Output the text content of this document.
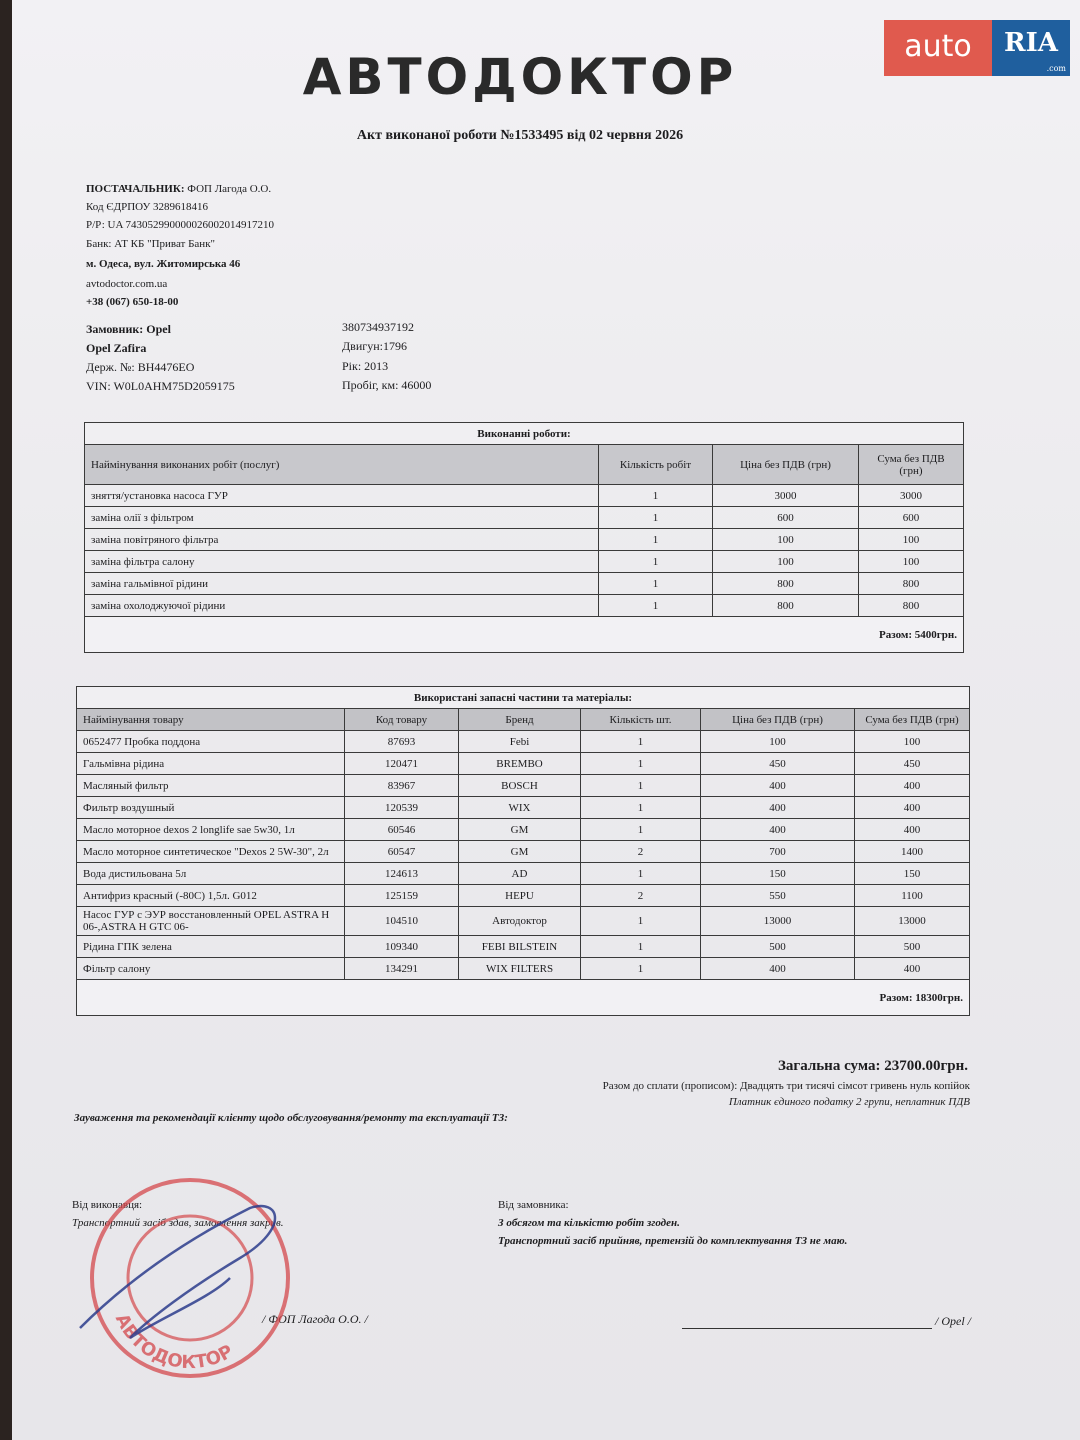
auto	RIA
.com
АВТОДОКТОР
Акт виконаної роботи №1533495 від 02 червня 2026
ПОСТАЧАЛЬНИК: ФОП Лагода О.О.
Код ЄДРПОУ 3289618416
Р/Р: UA 743052990000026002014917210
Банк: АТ КБ "Приват Банк"
м. Одеса, вул. Житомирська 46
avtodoctor.com.ua
+38 (067) 650-18-00
Замовник: Opel
Opel Zafira
Держ. №: ВН4476ЕО
VIN: W0L0AHM75D2059175
380734937192
Двигун:1796
Рік: 2013
Пробіг, км: 46000
Виконанні роботи:			
Наймінування виконаних робіт (послуг)	Кількість робіт	Ціна без ПДВ (грн)	Сума без ПДВ (грн)
зняття/установка насоса ГУР	1	3000	3000
заміна олії з фільтром	1	600	600
заміна повітряного фільтра	1	100	100
заміна фільтра салону	1	100	100
заміна гальмівної рідини	1	800	800
заміна охолоджуючої рідини	1	800	800
Разом: 5400грн.			
Використані запасні частини та матеріалы:					
Наймінування товару	Код товару	Бренд	Кількість шт.	Ціна без ПДВ (грн)	Сума без ПДВ (грн)
0652477 Пробка поддона	87693	Febi	1	100	100
Гальмівна рідина	120471	BREMBO	1	450	450
Масляный фильтр	83967	BOSCH	1	400	400
Фильтр воздушный	120539	WIX	1	400	400
Масло моторное dexos 2 longlife sae 5w30, 1л	60546	GM	1	400	400
Масло моторное синтетическое "Dexos 2 5W-30", 2л	60547	GM	2	700	1400
Вода дистильована 5л	124613	AD	1	150	150
Антифриз красный (-80С) 1,5л. G012	125159	HEPU	2	550	1100
Насос ГУР с ЭУР восстановленный OPEL ASTRA H 06-,ASTRA H GTC 06-	104510	Автодоктор	1	13000	13000
Рідина ГПК зелена	109340	FEBI BILSTEIN	1	500	500
Фільтр салону	134291	WIX FILTERS	1	400	400
Разом: 18300грн.					
Загальна сума: 23700.00грн.
Разом до сплати (прописом): Двадцять три тисячі сімсот гривень нуль копійок
Платник єдиного податку 2 групи, неплатник ПДВ
Зауваження та рекомендації клієнту щодо обслуговування/ремонту та експлуатації ТЗ:
Від виконавця:
Транспортний засіб здав, замовлення закрив.
Від замовника:
З обсягом та кількістю робіт згоден.
Транспортний засіб прийняв, претензій до комплектування ТЗ не маю.
/ ФОП Лагода О.О. /	/ Opel /
АВТОДОКТОР
